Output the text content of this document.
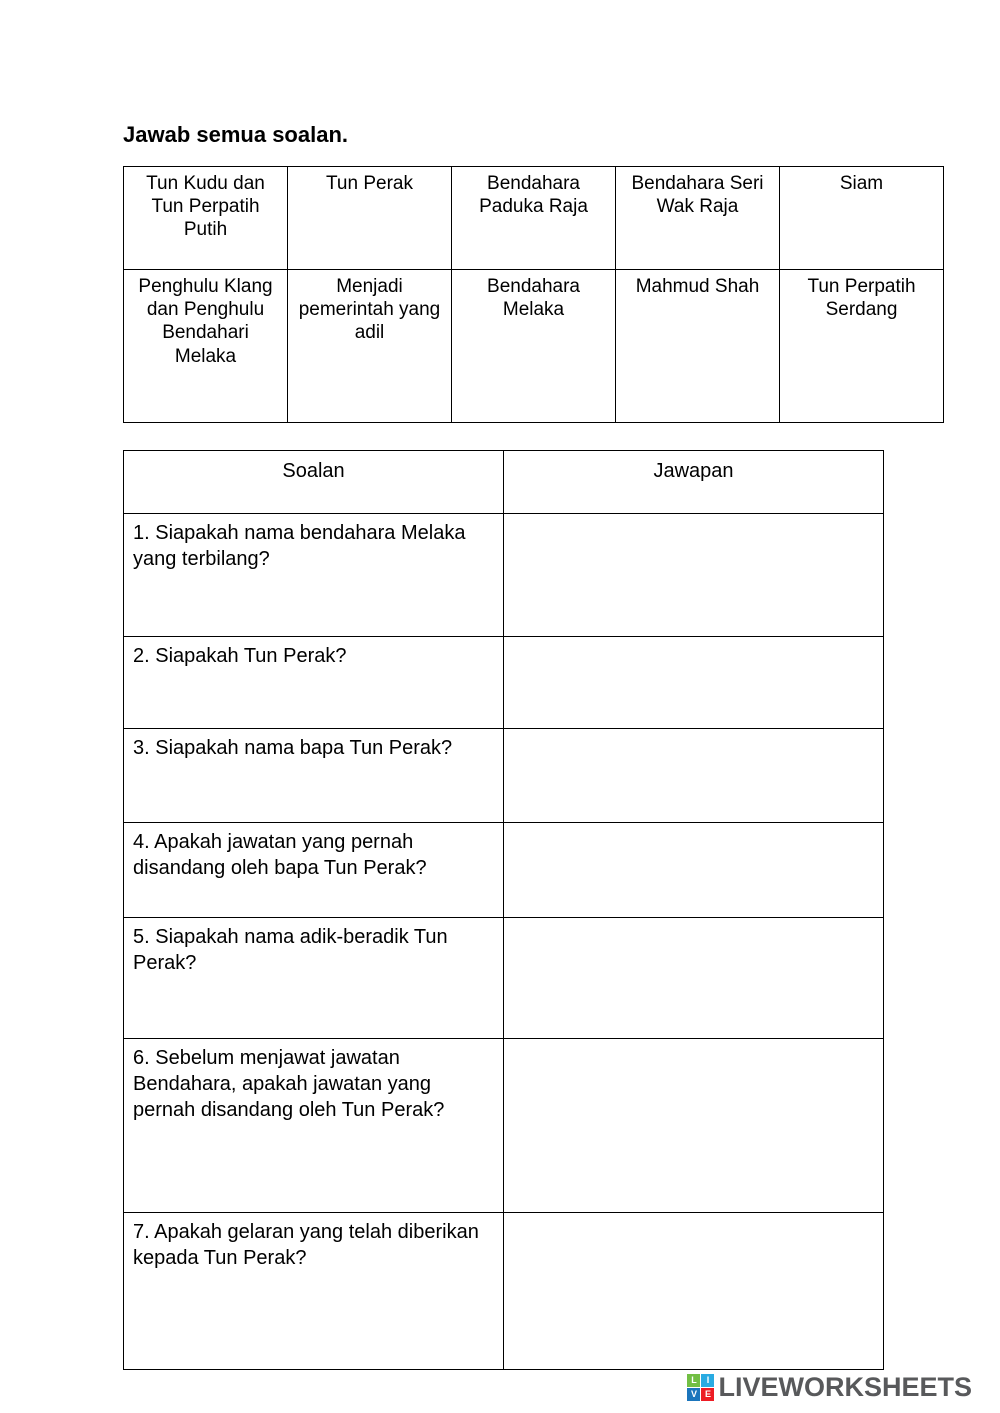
Jawab semua soalan.
Tun Kudu dan Tun Perpatih Putih	Tun Perak	Bendahara Paduka Raja	Bendahara Seri Wak Raja	Siam
Penghulu Klang dan Penghulu Bendahari Melaka	Menjadi pemerintah yang adil	Bendahara Melaka	Mahmud Shah	Tun Perpatih Serdang
Soalan	Jawapan
1. Siapakah nama bendahara Melaka yang terbilang?	
2. Siapakah Tun Perak?	
3. Siapakah nama bapa Tun Perak?	
4. Apakah jawatan yang pernah disandang oleh bapa Tun Perak?	
5. Siapakah nama adik-beradik Tun Perak?	
6. Sebelum menjawat jawatan Bendahara, apakah jawatan yang pernah disandang oleh Tun Perak?	
7. Apakah gelaran yang telah diberikan kepada Tun Perak?	
L	I
V E LIVEWORKSHEETS
